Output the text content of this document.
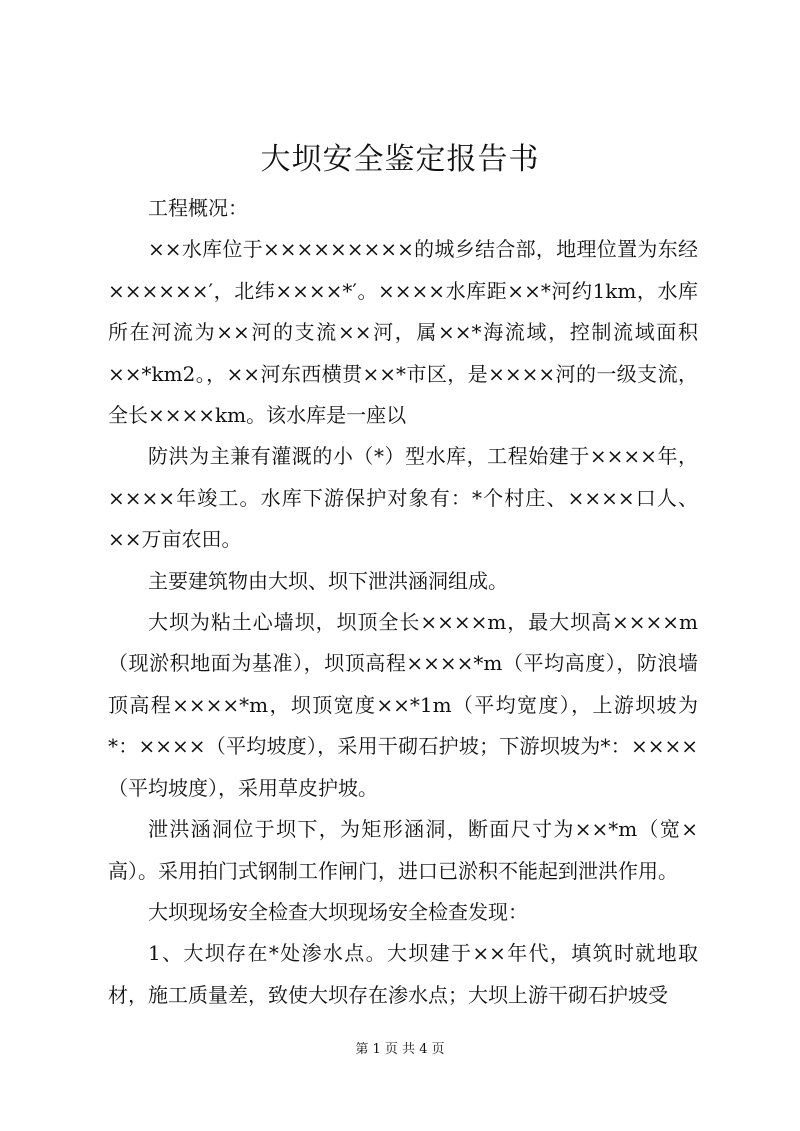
大坝安全鉴定报告书

工程概况：

××水库位于×××××××××的城乡结合部，地理位置为东经××××××′，北纬××××*′。××××水库距××*河约1km，水库所在河流为××河的支流××河，属××*海流域，控制流域面积××*km2。，××河东西横贯××*市区，是××××河的一级支流，全长××××km。该水库是一座以

防洪为主兼有灌溉的小（*）型水库，工程始建于××××年，××××年竣工。水库下游保护对象有：*个村庄、××××口人、××万亩农田。

主要建筑物由大坝、坝下泄洪涵洞组成。

大坝为粘土心墙坝，坝顶全长××××m，最大坝高××××m（现淤积地面为基准），坝顶高程××××*m（平均高度），防浪墙顶高程××××*m，坝顶宽度××*1m（平均宽度），上游坝坡为*：××××（平均坡度），采用干砌石护坡；下游坝坡为*：××××（平均坡度），采用草皮护坡。

泄洪涵洞位于坝下，为矩形涵洞，断面尺寸为××*m（宽×高）。采用拍门式钢制工作闸门，进口已淤积不能起到泄洪作用。

大坝现场安全检查大坝现场安全检查发现：

1、大坝存在*处渗水点。大坝建于××年代，填筑时就地取材，施工质量差，致使大坝存在渗水点；大坝上游干砌石护坡受

第 1 页 共 4 页
